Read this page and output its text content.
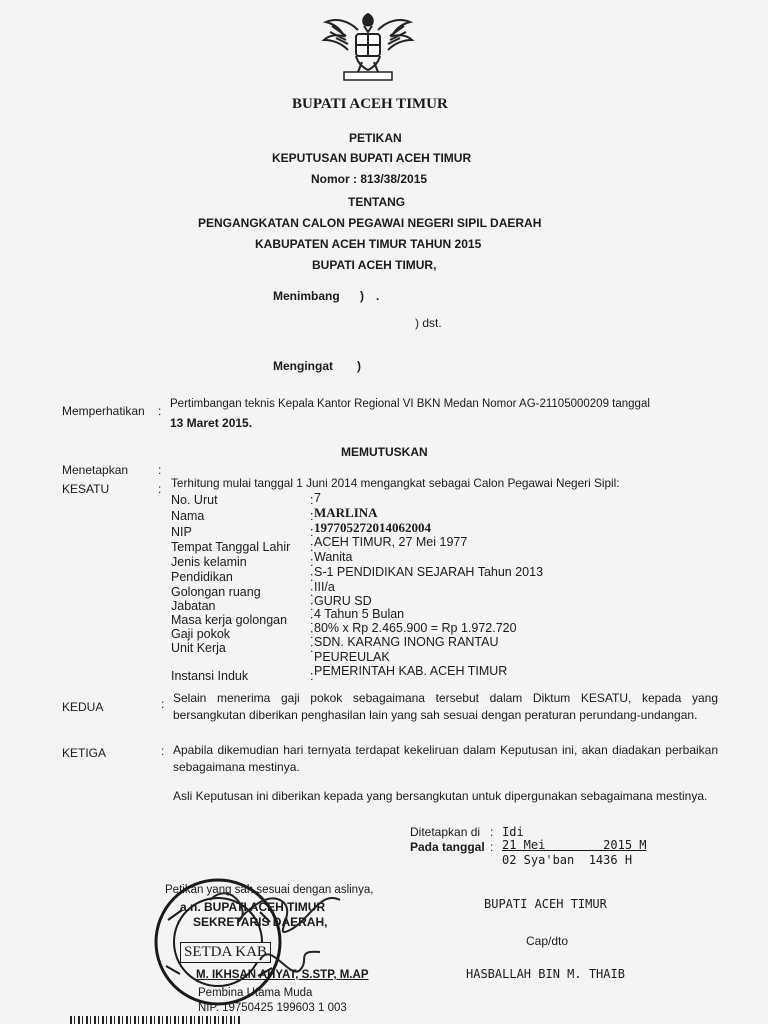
BUPATI ACEH TIMUR
PETIKAN
KEPUTUSAN BUPATI ACEH TIMUR
Nomor : 813/38/2015
TENTANG
PENGANGKATAN CALON PEGAWAI NEGERI SIPIL DAERAH
KABUPATEN ACEH TIMUR TAHUN 2015
BUPATI ACEH TIMUR,
Menimbang ) .
) dst.
Mengingat )
Memperhatikan : Pertimbangan teknis Kepala Kantor Regional VI BKN Medan Nomor AG-21105000209 tanggal
13 Maret 2015.
MEMUTUSKAN
Menetapkan :
KESATU	: Terhitung mulai tanggal 1 Juni 2014 mengangkat sebagai Calon Pegawai Negeri Sipil:
No. Urut	: 7
Nama	: MARLINA
NIP	: 197705272014062004
Tempat Tanggal Lahir : ACEH TIMUR, 27 Mei 1977
Jenis kelamin	: Wanita
Pendidikan	: S-1 PENDIDIKAN SEJARAH Tahun 2013
Golongan ruang	: III/a
Jabatan	: GURU SD
Masa kerja golongan : 4 Tahun 5 Bulan
Gaji pokok	: 80% x Rp 2.465.900 = Rp 1.972.720
Unit Kerja	: SDN. KARANG INONG RANTAU
PEUREULAK
Instansi Induk	: PEMERINTAH KAB. ACEH TIMUR
KEDUA	: Selain menerima gaji pokok sebagaimana tersebut dalam Diktum KESATU, kepada yang bersangkutan diberikan penghasilan lain yang sah sesuai dengan peraturan perundang-undangan.
KETIGA	: Apabila dikemudian hari ternyata terdapat kekeliruan dalam Keputusan ini, akan diadakan perbaikan sebagaimana mestinya.
Asli Keputusan ini diberikan kepada yang bersangkutan untuk dipergunakan sebagaimana mestinya.
Ditetapkan di : Idi
Pada tanggal : 21 Mei        2015 M
02 Sya'ban  1436 H
BUPATI ACEH TIMUR
Cap/dto
HASBALLAH BIN M. THAIB
Petikan yang sah sesuai dengan aslinya,
a.n. BUPATI ACEH TIMUR
SEKRETARIS DAERAH,
M. IKHSAN AHYAT, S.STP, M.AP
Pembina Utama Muda
NIP. 19750425 199603 1 003
SETDA KAB
